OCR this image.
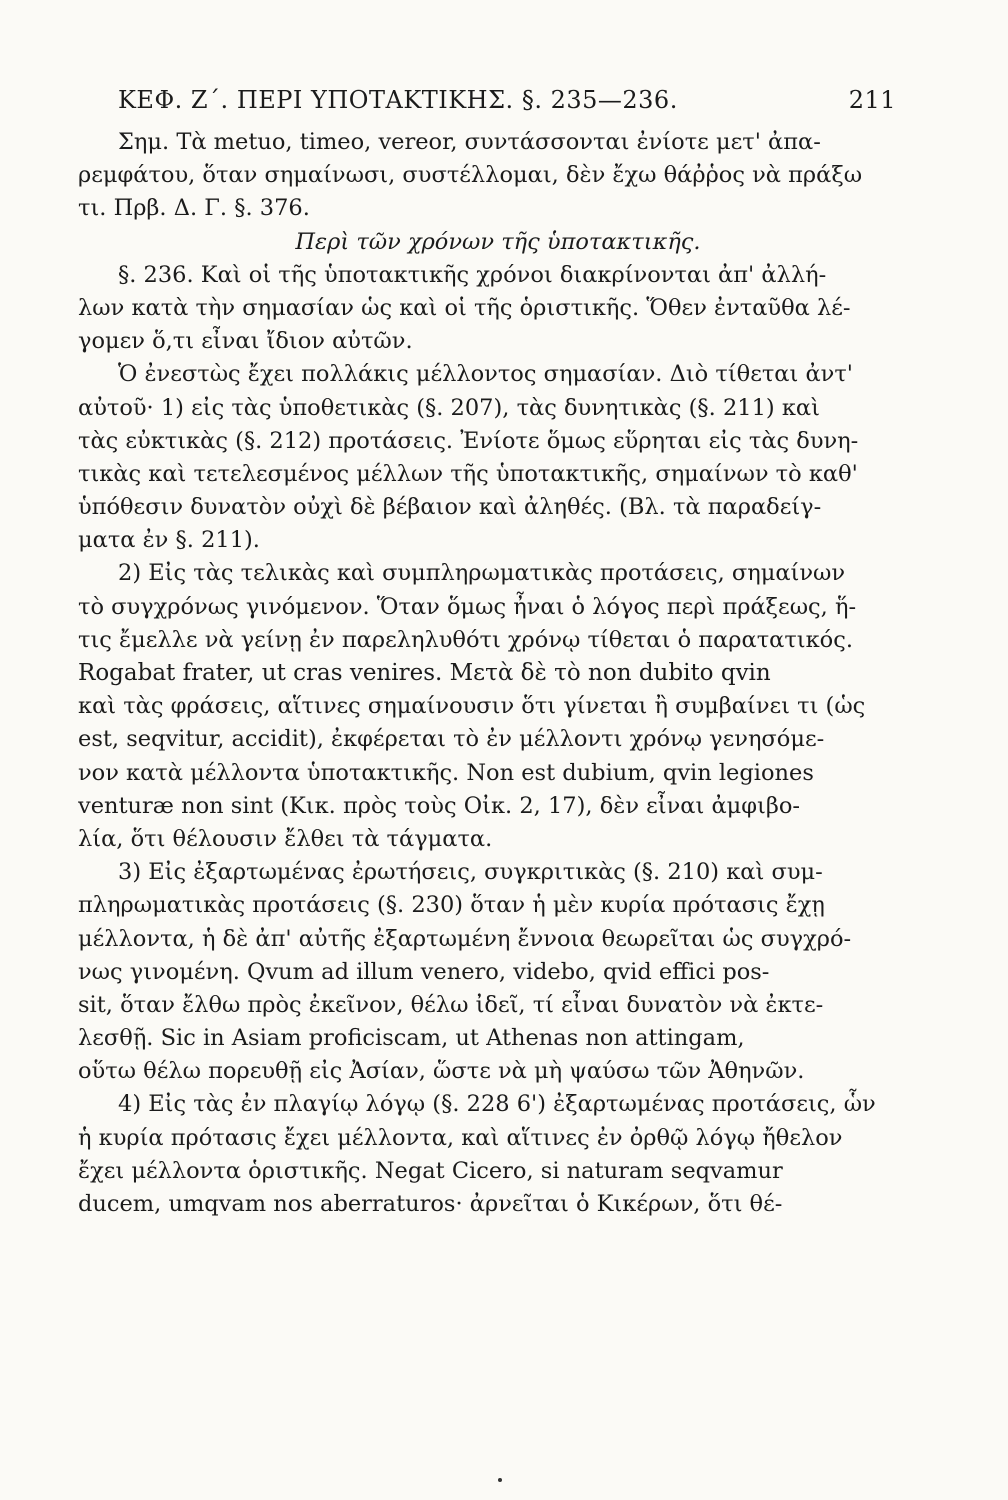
ΚΕΦ. Ζ΄. ΠΕΡΙ ΥΠΟΤΑΚΤΙΚΗΣ. §. 235—236.	211
Σημ. Τὰ metuo, timeo, vereor, συντάσσονται ἐνίοτε μετ' ἀπα-
ρεμφάτου, ὅταν σημαίνωσι, συστέλλομαι, δὲν ἔχω θάῤῥος νὰ πράξω
τι. Πρβ. Δ. Γ. §. 376.
Περὶ τῶν χρόνων τῆς ὑποτακτικῆς.
§. 236. Καὶ οἱ τῆς ὑποτακτικῆς χρόνοι διακρίνονται ἀπ' ἀλλή-
λων κατὰ τὴν σημασίαν ὡς καὶ οἱ τῆς ὁριστικῆς. Ὅθεν ἐνταῦθα λέ-
γομεν ὅ,τι εἶναι ἴδιον αὐτῶν.
Ὁ ἐνεστὼς ἔχει πολλάκις μέλλοντος σημασίαν. Διὸ τίθεται ἀντ'
αὐτοῦ· 1) εἰς τὰς ὑποθετικὰς (§. 207), τὰς δυνητικὰς (§. 211) καὶ
τὰς εὐκτικὰς (§. 212) προτάσεις. Ἐνίοτε ὅμως εὕρηται εἰς τὰς δυνη-
τικὰς καὶ τετελεσμένος μέλλων τῆς ὑποτακτικῆς, σημαίνων τὸ καθ'
ὑπόθεσιν δυνατὸν οὐχὶ δὲ βέβαιον καὶ ἀληθές. (Βλ. τὰ παραδείγ-
ματα ἐν §. 211).
2) Εἰς τὰς τελικὰς καὶ συμπληρωματικὰς προτάσεις, σημαίνων
τὸ συγχρόνως γινόμενον. Ὅταν ὅμως ἦναι ὁ λόγος περὶ πράξεως, ἥ-
τις ἔμελλε νὰ γείνῃ ἐν παρεληλυθότι χρόνῳ τίθεται ὁ παρατατικός.
Rogabat frater, ut cras venires. Μετὰ δὲ τὸ non dubito qvin
καὶ τὰς φράσεις, αἵτινες σημαίνουσιν ὅτι γίνεται ἢ συμβαίνει τι (ὡς
est, seqvitur, accidit), ἐκφέρεται τὸ ἐν μέλλοντι χρόνῳ γενησόμε-
νον κατὰ μέλλοντα ὑποτακτικῆς. Non est dubium, qvin legiones
venturæ non sint (Κικ. πρὸς τοὺς Οἰκ. 2, 17), δὲν εἶναι ἀμφιβο-
λία, ὅτι θέλουσιν ἔλθει τὰ τάγματα.
3) Εἰς ἐξαρτωμένας ἐρωτήσεις, συγκριτικὰς (§. 210) καὶ συμ-
πληρωματικὰς προτάσεις (§. 230) ὅταν ἡ μὲν κυρία πρότασις ἔχῃ
μέλλοντα, ἡ δὲ ἀπ' αὐτῆς ἐξαρτωμένη ἔννοια θεωρεῖται ὡς συγχρό-
νως γινομένη. Qvum ad illum venero, videbo, qvid effici pos-
sit, ὅταν ἔλθω πρὸς ἐκεῖνον, θέλω ἰδεῖ, τί εἶναι δυνατὸν νὰ ἐκτε-
λεσθῇ. Sic in Asiam proficiscam, ut Athenas non attingam,
οὕτω θέλω πορευθῇ εἰς Ἀσίαν, ὥστε νὰ μὴ ψαύσω τῶν Ἀθηνῶν.
4) Εἰς τὰς ἐν πλαγίῳ λόγῳ (§. 228 6') ἐξαρτωμένας προτάσεις, ὧν
ἡ κυρία πρότασις ἔχει μέλλοντα, καὶ αἵτινες ἐν ὀρθῷ λόγῳ ἤθελον
ἔχει μέλλοντα ὁριστικῆς. Negat Cicero, si naturam seqvamur
ducem, umqvam nos aberraturos· ἀρνεῖται ὁ Κικέρων, ὅτι θέ-
